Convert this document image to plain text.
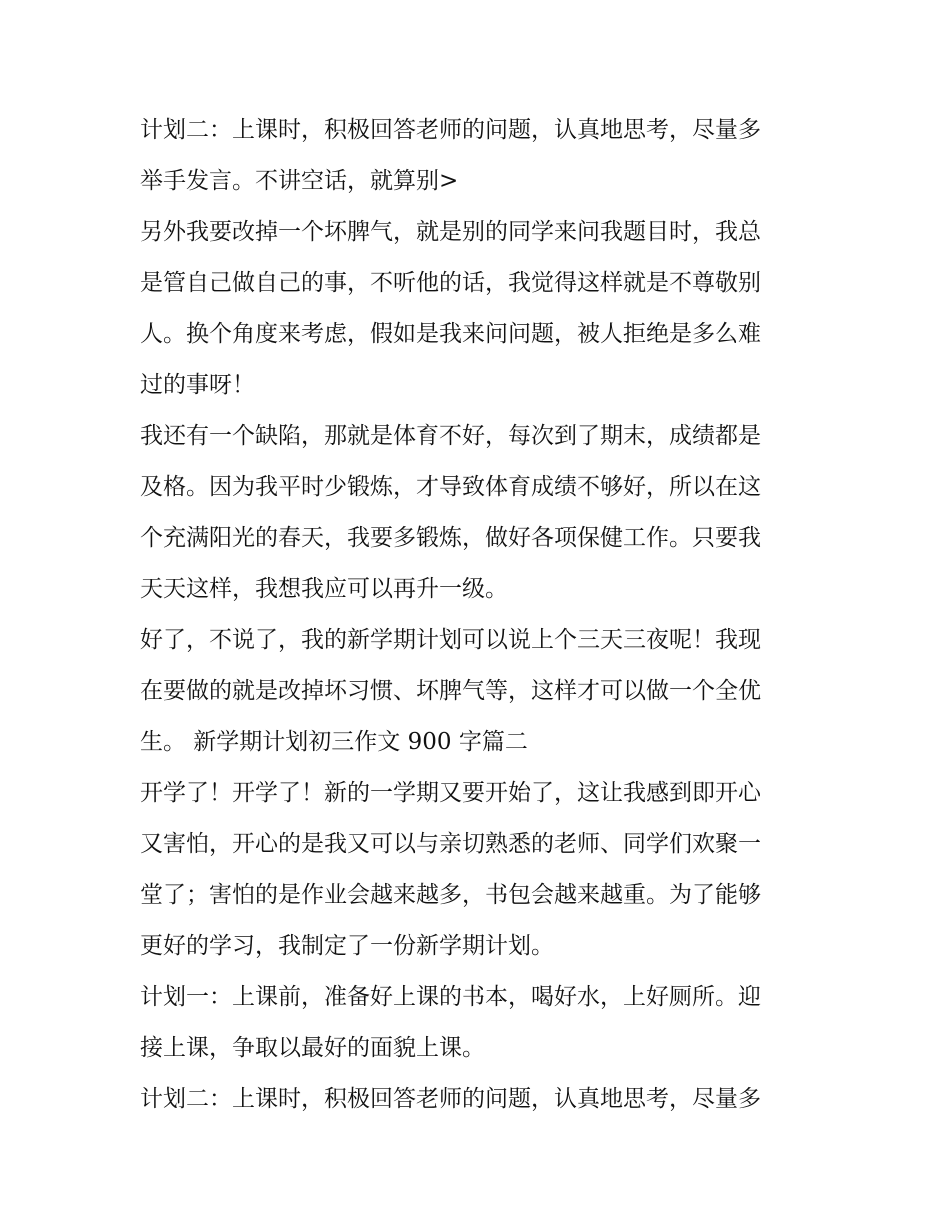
计划二：上课时，积极回答老师的问题，认真地思考，尽量多
举手发言。不讲空话，就算别>
另外我要改掉一个坏脾气，就是别的同学来问我题目时，我总
是管自己做自己的事，不听他的话，我觉得这样就是不尊敬别
人。换个角度来考虑，假如是我来问问题，被人拒绝是多么难
过的事呀！
我还有一个缺陷，那就是体育不好，每次到了期末，成绩都是
及格。因为我平时少锻炼，才导致体育成绩不够好，所以在这
个充满阳光的春天，我要多锻炼，做好各项保健工作。只要我
天天这样，我想我应可以再升一级。
好了，不说了，我的新学期计划可以说上个三天三夜呢！我现
在要做的就是改掉坏习惯、坏脾气等，这样才可以做一个全优
生。 新学期计划初三作文 900 字篇二
开学了！开学了！新的一学期又要开始了，这让我感到即开心
又害怕，开心的是我又可以与亲切熟悉的老师、同学们欢聚一
堂了；害怕的是作业会越来越多，书包会越来越重。为了能够
更好的学习，我制定了一份新学期计划。
计划一：上课前，准备好上课的书本，喝好水，上好厕所。迎
接上课，争取以最好的面貌上课。
计划二：上课时，积极回答老师的问题，认真地思考，尽量多
